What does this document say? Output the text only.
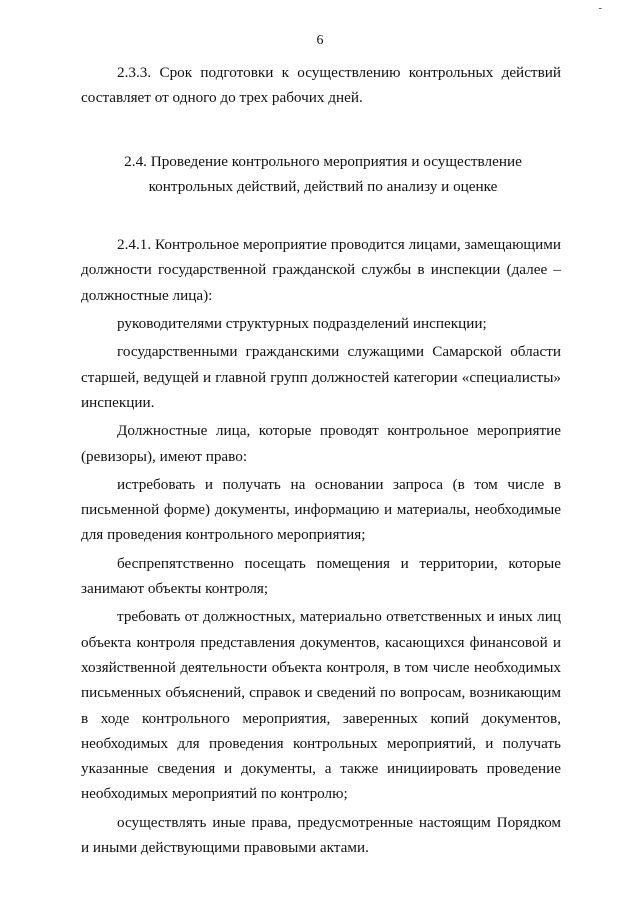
-
6

2.3.3. Срок подготовки к осуществлению контрольных действий составляет от одного до трех рабочих дней.

2.4. Проведение контрольного мероприятия и осуществление контрольных действий, действий по анализу и оценке

2.4.1. Контрольное мероприятие проводится лицами, замещающими должности государственной гражданской службы в инспекции (далее – должностные лица):

руководителями структурных подразделений инспекции;

государственными гражданскими служащими Самарской области старшей, ведущей и главной групп должностей категории «специалисты» инспекции.

Должностные лица, которые проводят контрольное мероприятие (ревизоры), имеют право:

истребовать и получать на основании запроса (в том числе в письменной форме) документы, информацию и материалы, необходимые для проведения контрольного мероприятия;

беспрепятственно посещать помещения и территории, которые занимают объекты контроля;

требовать от должностных, материально ответственных и иных лиц объекта контроля представления документов, касающихся финансовой и хозяйственной деятельности объекта контроля, в том числе необходимых письменных объяснений, справок и сведений по вопросам, возникающим в ходе контрольного мероприятия, заверенных копий документов, необходимых для проведения контрольных мероприятий, и получать указанные сведения и документы, а также инициировать проведение необходимых мероприятий по контролю;

осуществлять иные права, предусмотренные настоящим Порядком и иными действующими правовыми актами.
